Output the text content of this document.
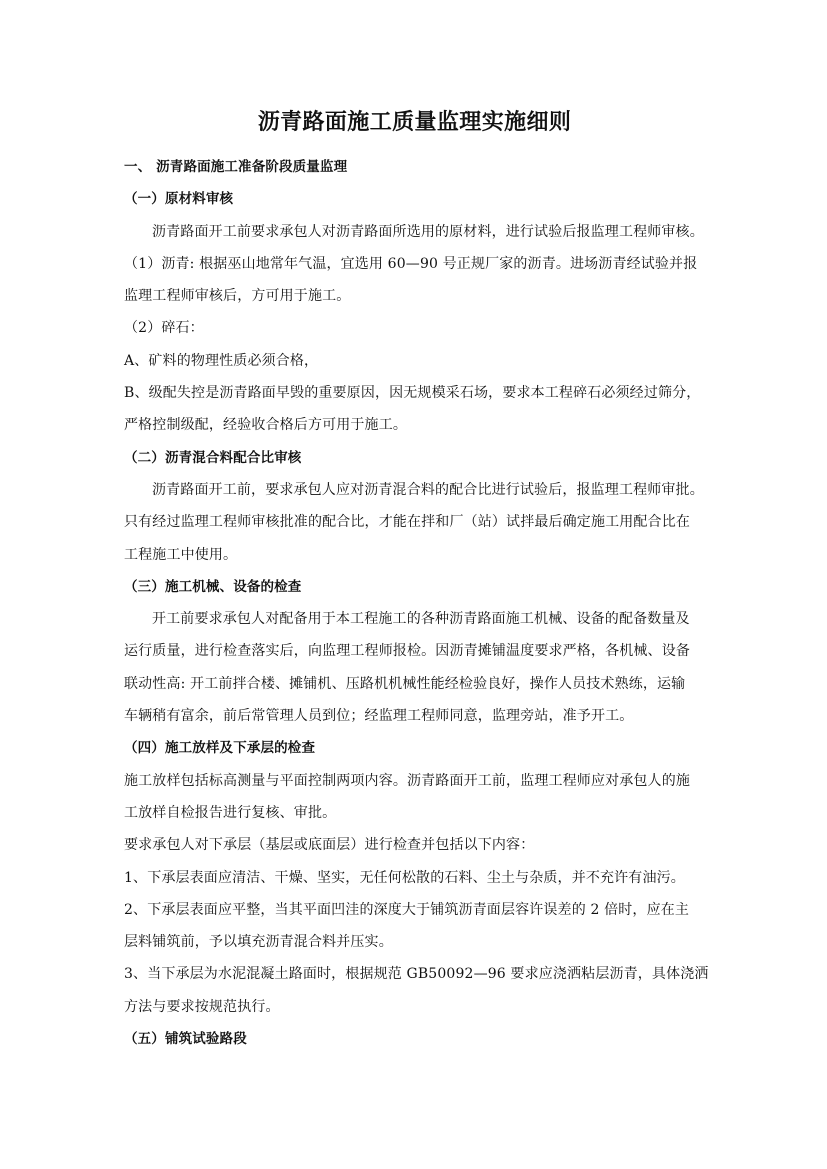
沥青路面施工质量监理实施细则

一、 沥青路面施工准备阶段质量监理

（一）原材料审核

沥青路面开工前要求承包人对沥青路面所选用的原材料，进行试验后报监理工程师审核。

（1）沥青: 根据巫山地常年气温，宜选用 60—90 号正规厂家的沥青。进场沥青经试验并报

监理工程师审核后，方可用于施工。

（2）碎石：

A、矿料的物理性质必须合格，

B、级配失控是沥青路面早毁的重要原因，因无规模采石场，要求本工程碎石必须经过筛分，

严格控制级配，经验收合格后方可用于施工。

（二）沥青混合料配合比审核

沥青路面开工前，要求承包人应对沥青混合料的配合比进行试验后，报监理工程师审批。

只有经过监理工程师审核批准的配合比，才能在拌和厂（站）试拌最后确定施工用配合比在

工程施工中使用。

（三）施工机械、设备的检查

开工前要求承包人对配备用于本工程施工的各种沥青路面施工机械、设备的配备数量及

运行质量，进行检查落实后，向监理工程师报检。因沥青摊铺温度要求严格，各机械、设备

联动性高: 开工前拌合楼、摊铺机、压路机机械性能经检验良好，操作人员技术熟练，运输

车辆稍有富余，前后常管理人员到位；经监理工程师同意，监理旁站，准予开工。

（四）施工放样及下承层的检查

施工放样包括标高测量与平面控制两项内容。沥青路面开工前，监理工程师应对承包人的施

工放样自检报告进行复核、审批。

要求承包人对下承层（基层或底面层）进行检查并包括以下内容：

1、下承层表面应清洁、干燥、坚实，无任何松散的石料、尘土与杂质，并不充许有油污。

2、下承层表面应平整，当其平面凹洼的深度大于铺筑沥青面层容许误差的 2 倍时，应在主

层料铺筑前，予以填充沥青混合料并压实。

3、当下承层为水泥混凝土路面时，根据规范 GB50092—96 要求应浇洒粘层沥青，具体浇洒

方法与要求按规范执行。

（五）铺筑试验路段
